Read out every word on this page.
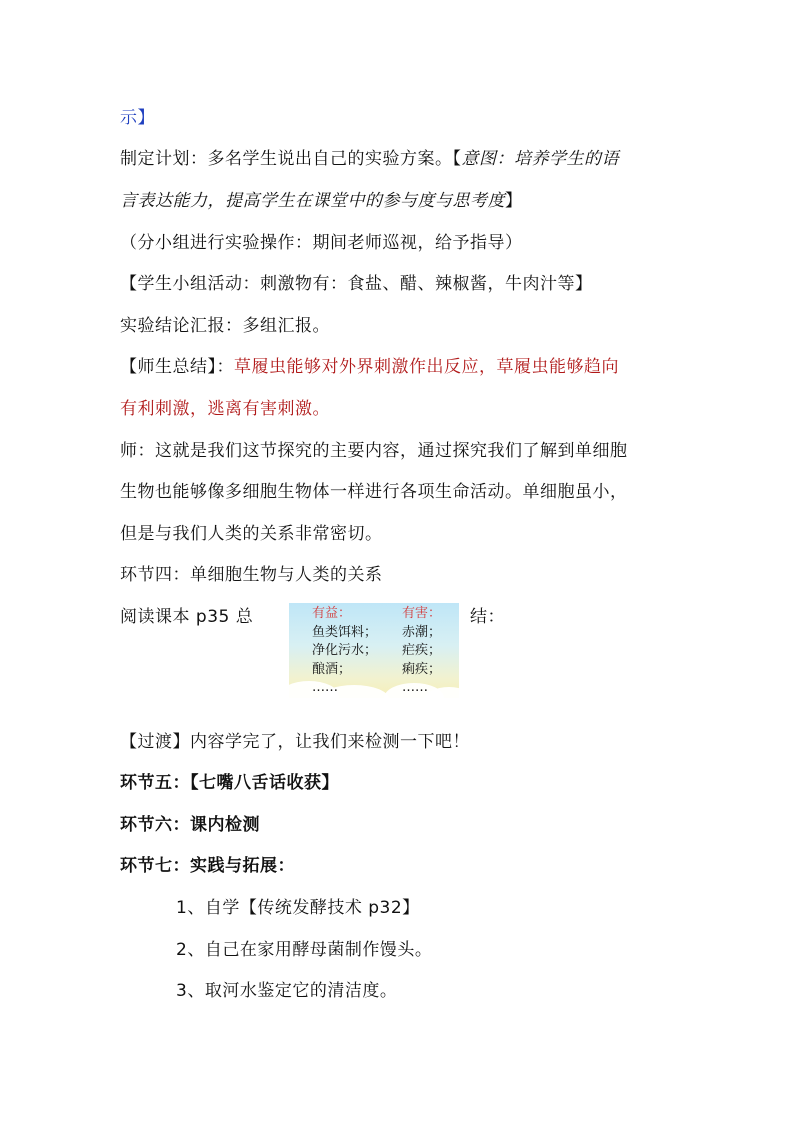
示】
制定计划：多名学生说出自己的实验方案。【意图：培养学生的语
言表达能力，提高学生在课堂中的参与度与思考度】
（分小组进行实验操作：期间老师巡视，给予指导）
【学生小组活动：刺激物有：食盐、醋、辣椒酱，牛肉汁等】
实验结论汇报：多组汇报。
【师生总结】：草履虫能够对外界刺激作出反应，草履虫能够趋向
有利刺激，逃离有害刺激。
师：这就是我们这节探究的主要内容，通过探究我们了解到单细胞
生物也能够像多细胞生物体一样进行各项生命活动。单细胞虽小，
但是与我们人类的关系非常密切。
环节四：单细胞生物与人类的关系
阅读课本 p35 总	结：
有益：
鱼类饵料；
净化污水；
酿酒；
……
有害：
赤潮；
疟疾；
痢疾；
……
【过渡】内容学完了，让我们来检测一下吧！
环节五：【七嘴八舌话收获】
环节六：课内检测
环节七：实践与拓展：
1、自学【传统发酵技术 p32】
2、自己在家用酵母菌制作馒头。
3、取河水鉴定它的清洁度。
